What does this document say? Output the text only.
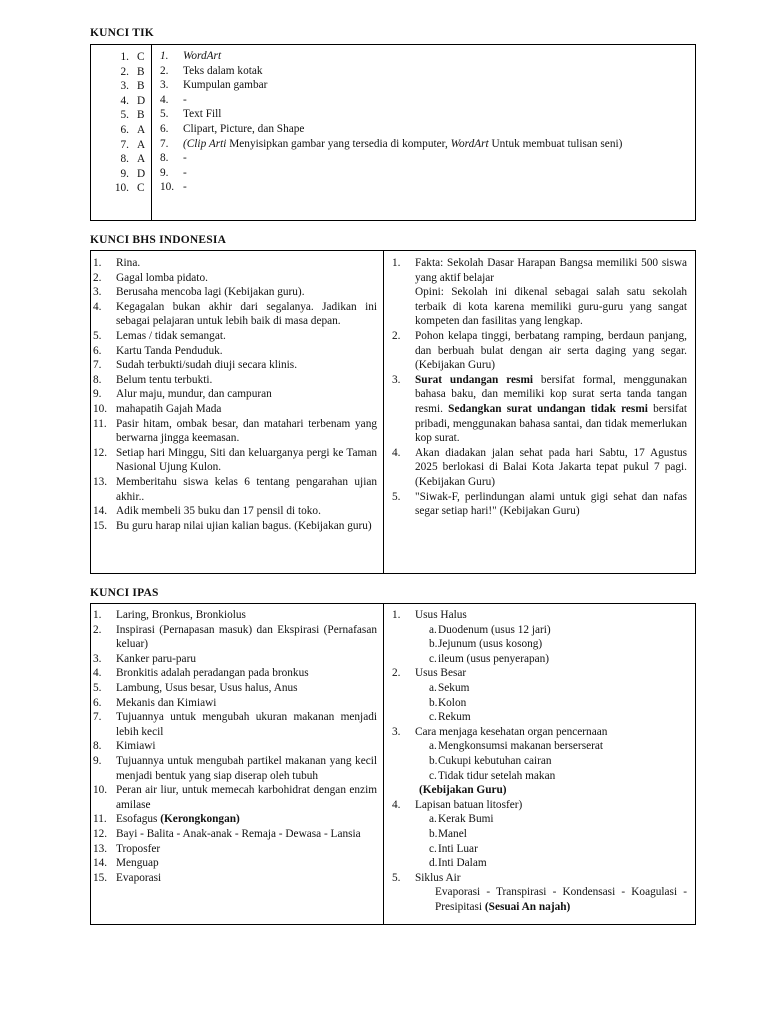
KUNCI TIK
1. C
2. B
3. B
4. D
5. B
6. A
7. A
8. A
9. D
10. C
1. WordArt
2. Teks dalam kotak
3. Kumpulan gambar
4. -
5. Text Fill
6. Clipart, Picture, dan Shape
7. (Clip Arti Menyisipkan gambar yang tersedia di komputer, WordArt Untuk membuat tulisan seni)
8. -
9. -
10. -
KUNCI BHS INDONESIA
1. Rina.
2. Gagal lomba pidato.
3. Berusaha mencoba lagi (Kebijakan guru).
4. Kegagalan bukan akhir dari segalanya. Jadikan ini sebagai pelajaran untuk lebih baik di masa depan.
5. Lemas / tidak semangat.
6. Kartu Tanda Penduduk.
7. Sudah terbukti/sudah diuji secara klinis.
8. Belum tentu terbukti.
9. Alur maju, mundur, dan campuran
10. mahapatih Gajah Mada
11. Pasir hitam, ombak besar, dan matahari terbenam yang berwarna jingga keemasan.
12. Setiap hari Minggu, Siti dan keluarganya pergi ke Taman Nasional Ujung Kulon.
13. Memberitahu siswa kelas 6 tentang pengarahan ujian akhir..
14. Adik membeli 35 buku dan 17 pensil di toko.
15. Bu guru harap nilai ujian kalian bagus. (Kebijakan guru)
1. Fakta: Sekolah Dasar Harapan Bangsa memiliki 500 siswa yang aktif belajar
Opini: Sekolah ini dikenal sebagai salah satu sekolah terbaik di kota karena memiliki guru-guru yang sangat kompeten dan fasilitas yang lengkap.
2. Pohon kelapa tinggi, berbatang ramping, berdaun panjang, dan berbuah bulat dengan air serta daging yang segar. (Kebijakan Guru)
3. Surat undangan resmi bersifat formal, menggunakan bahasa baku, dan memiliki kop surat serta tanda tangan resmi. Sedangkan surat undangan tidak resmi bersifat pribadi, menggunakan bahasa santai, dan tidak memerlukan kop surat.
4. Akan diadakan jalan sehat pada hari Sabtu, 17 Agustus 2025 berlokasi di Balai Kota Jakarta tepat pukul 7 pagi. (Kebijakan Guru)
5. "Siwak-F, perlindungan alami untuk gigi sehat dan nafas segar setiap hari!" (Kebijakan Guru)
KUNCI IPAS
1. Laring, Bronkus, Bronkiolus
2. Inspirasi (Pernapasan masuk) dan Ekspirasi (Pernafasan keluar)
3. Kanker paru-paru
4. Bronkitis adalah peradangan pada bronkus
5. Lambung, Usus besar, Usus halus, Anus
6. Mekanis dan Kimiawi
7. Tujuannya untuk mengubah ukuran makanan menjadi lebih kecil
8. Kimiawi
9. Tujuannya untuk mengubah partikel makanan yang kecil menjadi bentuk yang siap diserap oleh tubuh
10. Peran air liur, untuk memecah karbohidrat dengan enzim amilase
11. Esofagus (Kerongkongan)
12. Bayi - Balita - Anak-anak - Remaja - Dewasa - Lansia
13. Troposfer
14. Menguap
15. Evaporasi
1. Usus Halus
a. Duodenum (usus 12 jari)
b. Jejunum (usus kosong)
c. ileum (usus penyerapan)
2. Usus Besar
a. Sekum
b. Kolon
c. Rekum
3. Cara menjaga kesehatan organ pencernaan
a. Mengkonsumsi makanan berserserat
b. Cukupi kebutuhan cairan
c. Tidak tidur setelah makan
(Kebijakan Guru)
4. Lapisan batuan litosfer)
a. Kerak Bumi
b. Manel
c. Inti Luar
d. Inti Dalam
5. Siklus Air
Evaporasi - Transpirasi - Kondensasi - Koagulasi - Presipitasi (Sesuai An najah)
